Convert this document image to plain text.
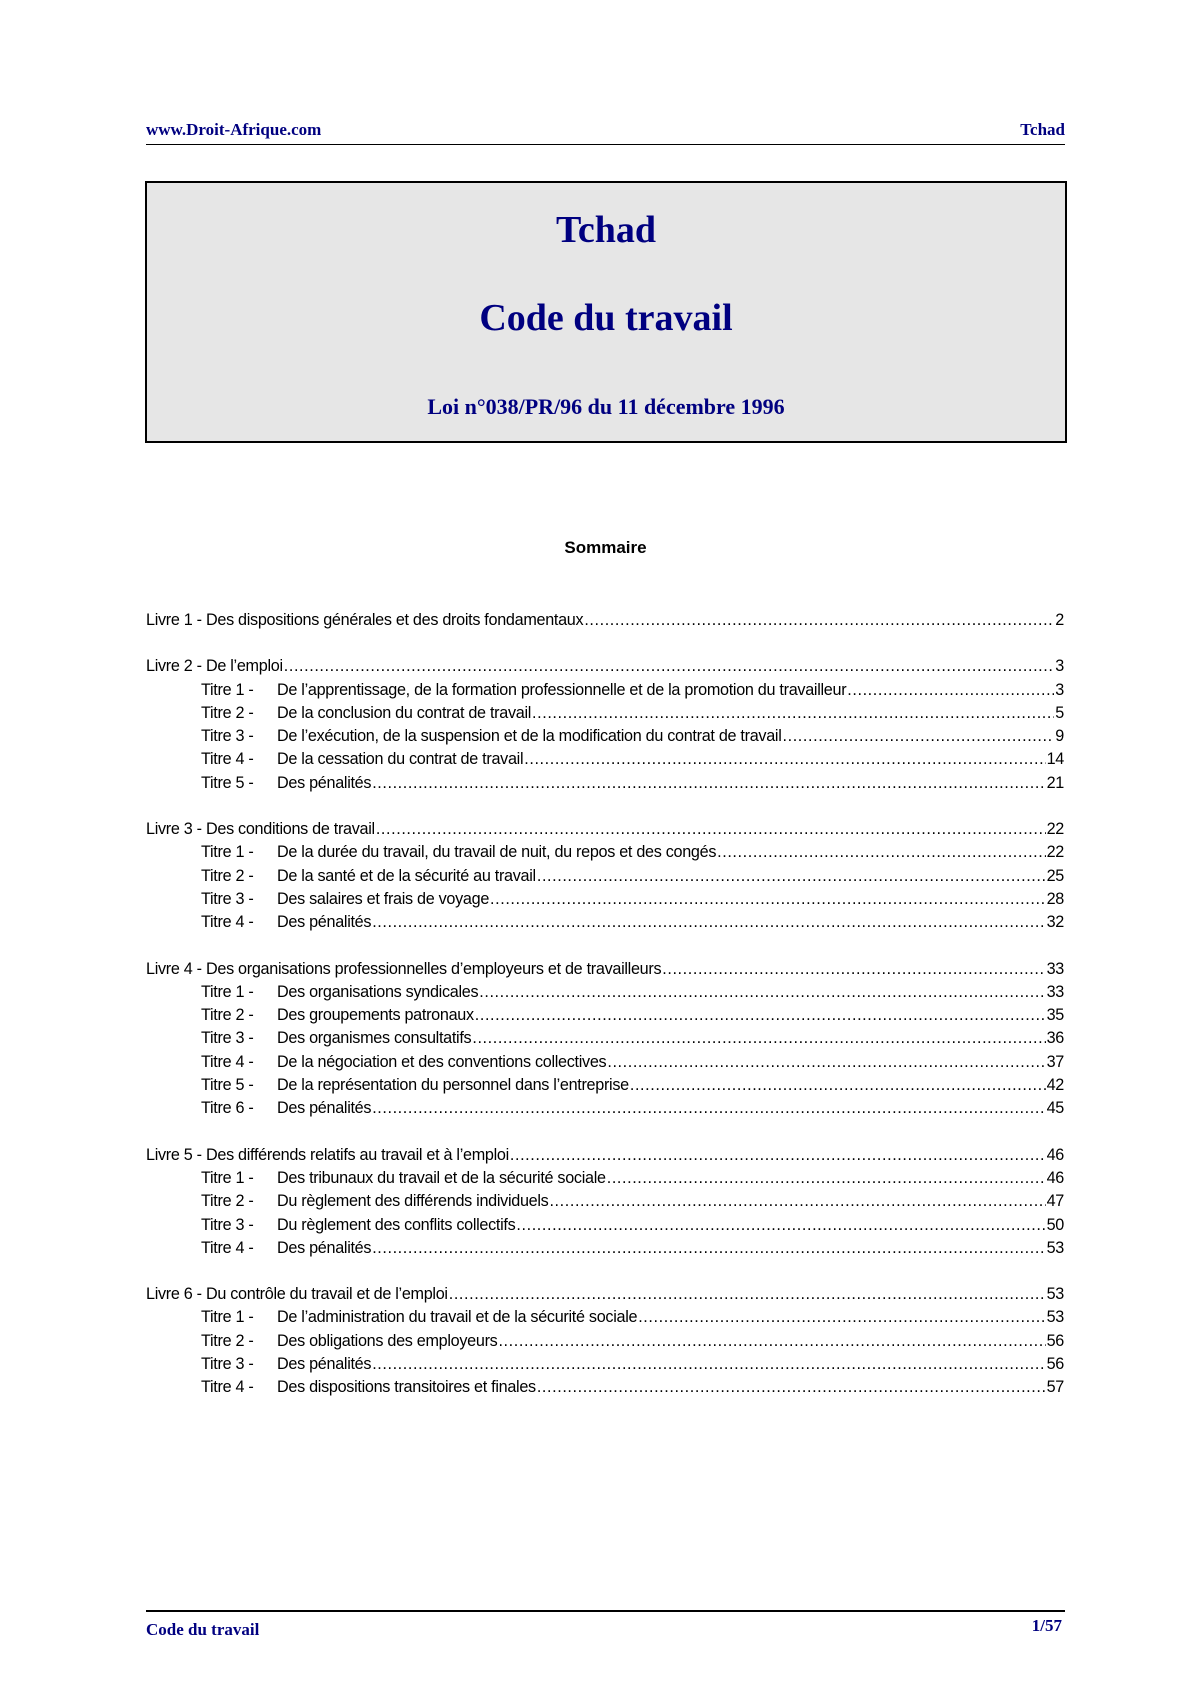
www.Droit-Afrique.com	Tchad
Tchad
Code du travail
Loi n°038/PR/96 du 11 décembre 1996
Sommaire
Livre 1 - Des dispositions générales et des droits fondamentaux .....	2
Livre 2 - De l’emploi .....	3
Titre 1 -	De l’apprentissage, de la formation professionnelle et de la promotion du travailleur .....	3
Titre 2 -	De la conclusion du contrat de travail .....	5
Titre 3 -	De l’exécution, de la suspension et de la modification du contrat de travail .....	9
Titre 4 -	De la cessation du contrat de travail .....	14
Titre 5 -	Des pénalités .....	21
Livre 3 - Des conditions de travail .....	22
Titre 1 -	De la durée du travail, du travail de nuit, du repos et des congés .....	22
Titre 2 -	De la santé et de la sécurité au travail .....	25
Titre 3 -	Des salaires et frais de voyage .....	28
Titre 4 -	Des pénalités .....	32
Livre 4 - Des organisations professionnelles d’employeurs et de travailleurs .....	33
Titre 1 -	Des organisations syndicales .....	33
Titre 2 -	Des groupements patronaux .....	35
Titre 3 -	Des organismes consultatifs .....	36
Titre 4 -	De la négociation et des conventions collectives .....	37
Titre 5 -	De la représentation du personnel dans l’entreprise .....	42
Titre 6 -	Des pénalités .....	45
Livre 5 - Des différends relatifs au travail et à l’emploi .....	46
Titre 1 -	Des tribunaux du travail et de la sécurité sociale .....	46
Titre 2 -	Du règlement des différends individuels .....	47
Titre 3 -	Du règlement des conflits collectifs .....	50
Titre 4 -	Des pénalités .....	53
Livre 6 - Du contrôle du travail et de l’emploi .....	53
Titre 1 -	De l’administration du travail et de la sécurité sociale .....	53
Titre 2 -	Des obligations des employeurs .....	56
Titre 3 -	Des pénalités .....	56
Titre 4 -	Des dispositions transitoires et finales .....	57
Code du travail	1/57
